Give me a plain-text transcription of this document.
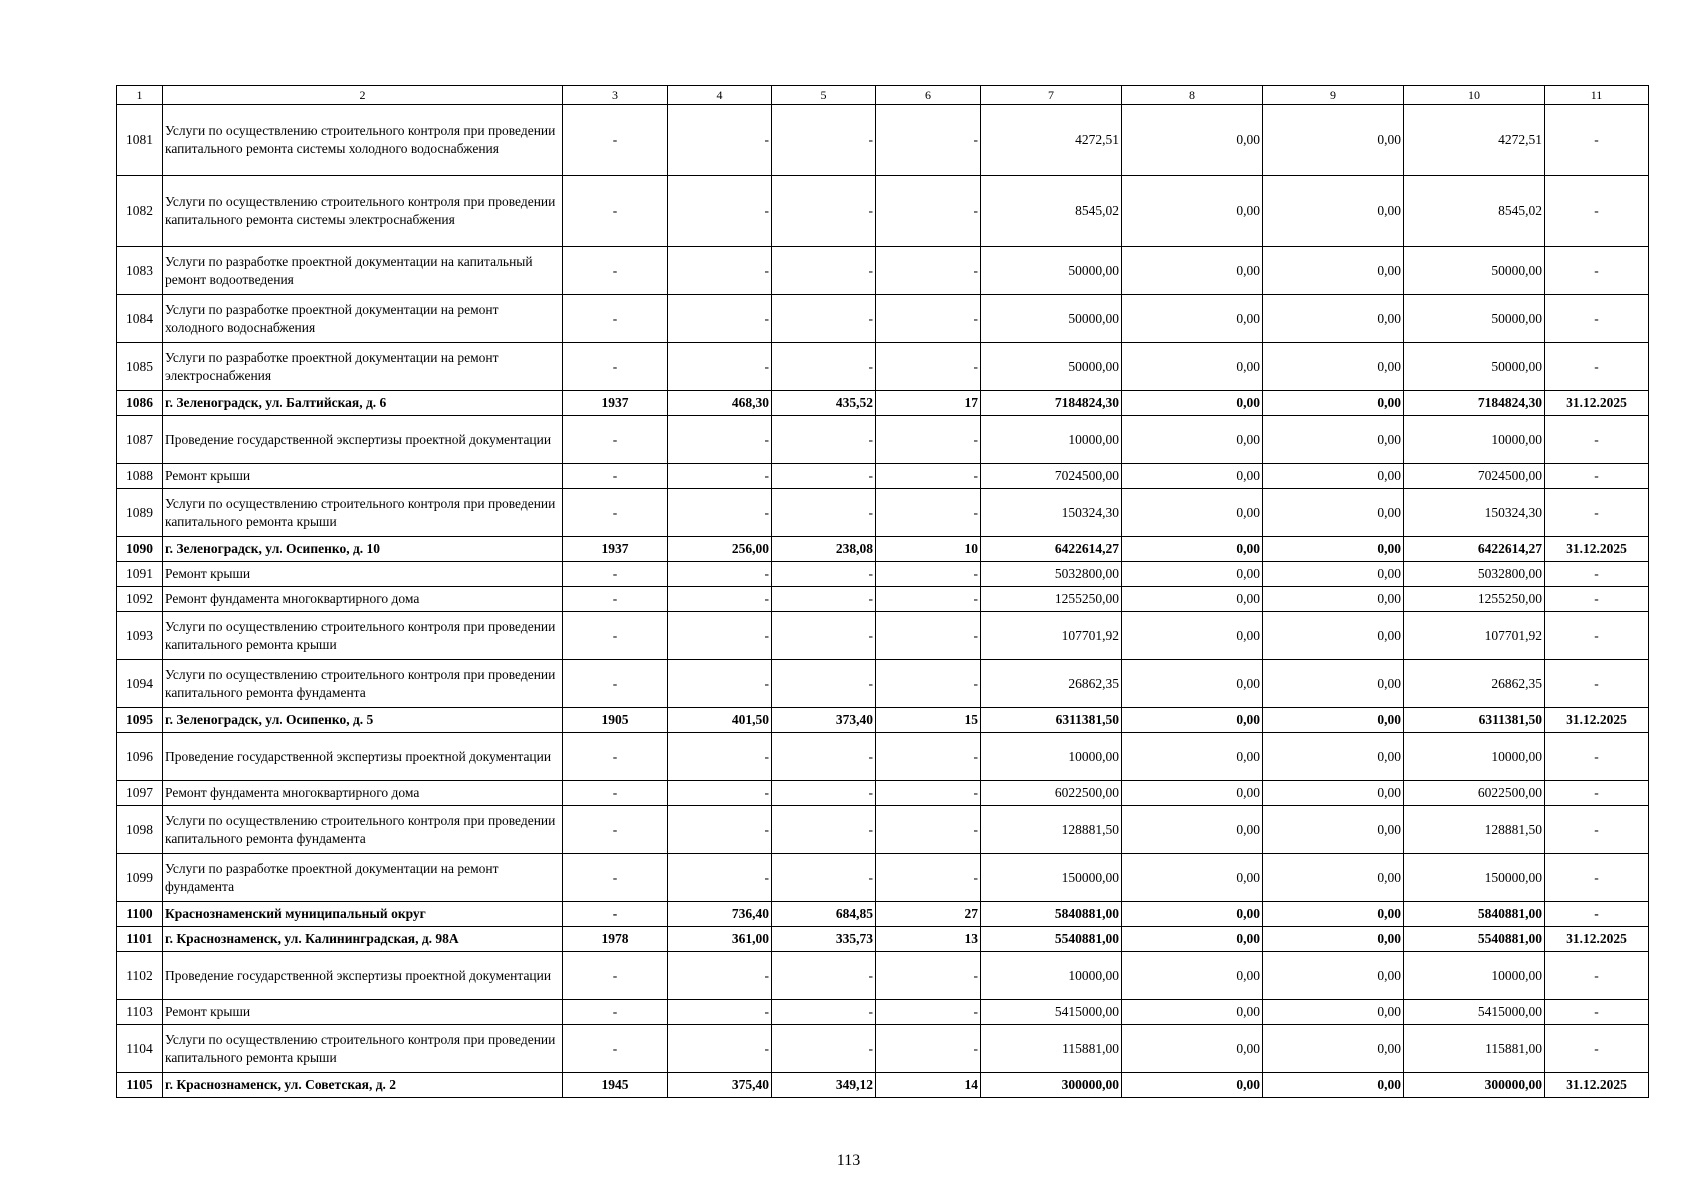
1	2	3	4	5	6	7	8	9	10	11
1081	Услуги по осуществлению строительного контроля при проведении капитального ремонта системы холодного водоснабжения	-	-	-	-	4272,51	0,00	0,00	4272,51	-
1082	Услуги по осуществлению строительного контроля при проведении капитального ремонта системы электроснабжения	-	-	-	-	8545,02	0,00	0,00	8545,02	-
1083	Услуги по разработке проектной документации на капитальный ремонт водоотведения	-	-	-	-	50000,00	0,00	0,00	50000,00	-
1084	Услуги по разработке проектной документации на ремонт холодного водоснабжения	-	-	-	-	50000,00	0,00	0,00	50000,00	-
1085	Услуги по разработке проектной документации на ремонт электроснабжения	-	-	-	-	50000,00	0,00	0,00	50000,00	-
1086	г. Зеленоградск, ул. Балтийская, д. 6	1937	468,30	435,52	17	7184824,30	0,00	0,00	7184824,30	31.12.2025
1087	Проведение государственной экспертизы проектной документации	-	-	-	-	10000,00	0,00	0,00	10000,00	-
1088	Ремонт крыши	-	-	-	-	7024500,00	0,00	0,00	7024500,00	-
1089	Услуги по осуществлению строительного контроля при проведении капитального ремонта крыши	-	-	-	-	150324,30	0,00	0,00	150324,30	-
1090	г. Зеленоградск, ул. Осипенко, д. 10	1937	256,00	238,08	10	6422614,27	0,00	0,00	6422614,27	31.12.2025
1091	Ремонт крыши	-	-	-	-	5032800,00	0,00	0,00	5032800,00	-
1092	Ремонт фундамента многоквартирного дома	-	-	-	-	1255250,00	0,00	0,00	1255250,00	-
1093	Услуги по осуществлению строительного контроля при проведении капитального ремонта крыши	-	-	-	-	107701,92	0,00	0,00	107701,92	-
1094	Услуги по осуществлению строительного контроля при проведении капитального ремонта фундамента	-	-	-	-	26862,35	0,00	0,00	26862,35	-
1095	г. Зеленоградск, ул. Осипенко, д. 5	1905	401,50	373,40	15	6311381,50	0,00	0,00	6311381,50	31.12.2025
1096	Проведение государственной экспертизы проектной документации	-	-	-	-	10000,00	0,00	0,00	10000,00	-
1097	Ремонт фундамента многоквартирного дома	-	-	-	-	6022500,00	0,00	0,00	6022500,00	-
1098	Услуги по осуществлению строительного контроля при проведении капитального ремонта фундамента	-	-	-	-	128881,50	0,00	0,00	128881,50	-
1099	Услуги по разработке проектной документации на ремонт фундамента	-	-	-	-	150000,00	0,00	0,00	150000,00	-
1100	Краснознаменский муниципальный округ	-	736,40	684,85	27	5840881,00	0,00	0,00	5840881,00	-
1101	г. Краснознаменск, ул. Калининградская, д. 98А	1978	361,00	335,73	13	5540881,00	0,00	0,00	5540881,00	31.12.2025
1102	Проведение государственной экспертизы проектной документации	-	-	-	-	10000,00	0,00	0,00	10000,00	-
1103	Ремонт крыши	-	-	-	-	5415000,00	0,00	0,00	5415000,00	-
1104	Услуги по осуществлению строительного контроля при проведении капитального ремонта крыши	-	-	-	-	115881,00	0,00	0,00	115881,00	-
1105	г. Краснознаменск, ул. Советская, д. 2	1945	375,40	349,12	14	300000,00	0,00	0,00	300000,00	31.12.2025
113
